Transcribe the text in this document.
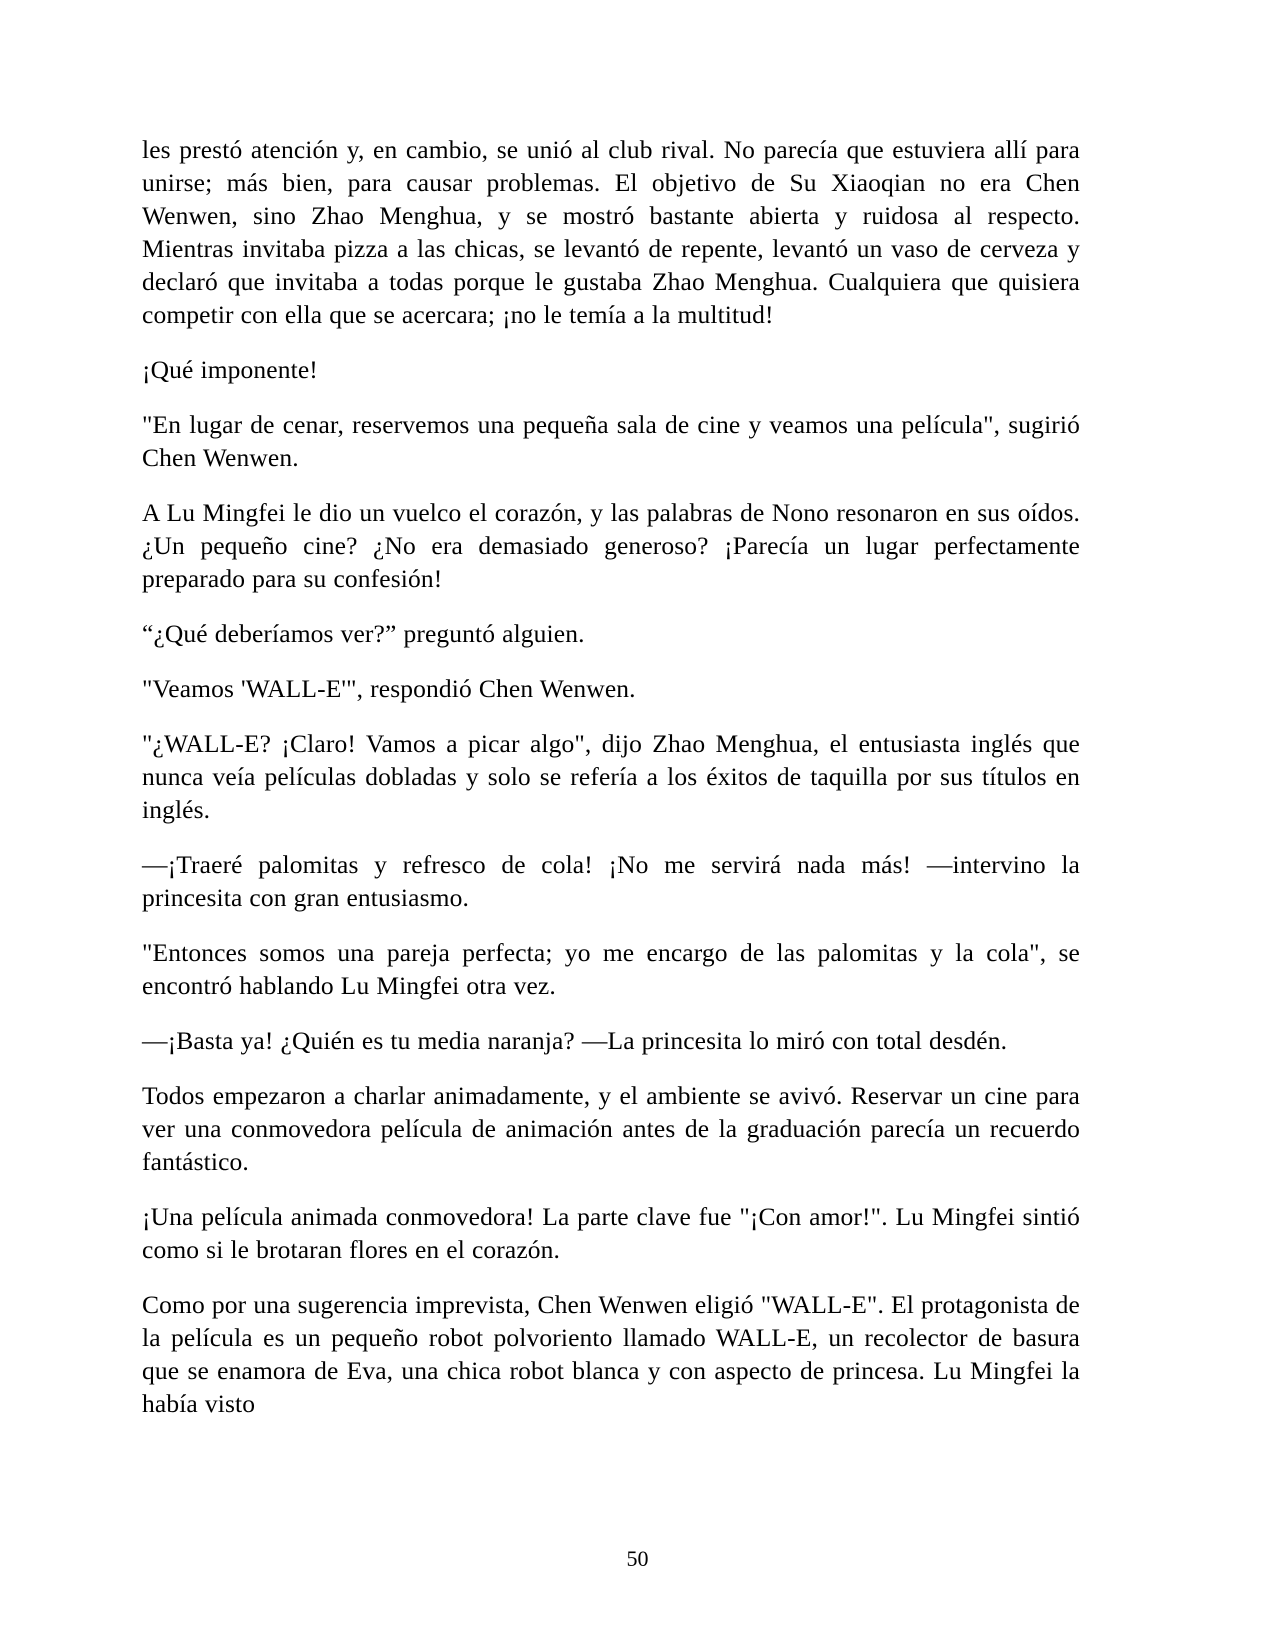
les prestó atención y, en cambio, se unió al club rival. No parecía que estuviera allí para unirse; más bien, para causar problemas. El objetivo de Su Xiaoqian no era Chen Wenwen, sino Zhao Menghua, y se mostró bastante abierta y ruidosa al respecto. Mientras invitaba pizza a las chicas, se levantó de repente, levantó un vaso de cerveza y declaró que invitaba a todas porque le gustaba Zhao Menghua. Cualquiera que quisiera competir con ella que se acercara; ¡no le temía a la multitud!

¡Qué imponente!

"En lugar de cenar, reservemos una pequeña sala de cine y veamos una película", sugirió Chen Wenwen.

A Lu Mingfei le dio un vuelco el corazón, y las palabras de Nono resonaron en sus oídos. ¿Un pequeño cine? ¿No era demasiado generoso? ¡Parecía un lugar perfectamente preparado para su confesión!

“¿Qué deberíamos ver?” preguntó alguien.

"Veamos 'WALL-E'", respondió Chen Wenwen.

"¿WALL-E? ¡Claro! Vamos a picar algo", dijo Zhao Menghua, el entusiasta inglés que nunca veía películas dobladas y solo se refería a los éxitos de taquilla por sus títulos en inglés.

—¡Traeré palomitas y refresco de cola! ¡No me servirá nada más! —intervino la princesita con gran entusiasmo.

"Entonces somos una pareja perfecta; yo me encargo de las palomitas y la cola", se encontró hablando Lu Mingfei otra vez.

—¡Basta ya! ¿Quién es tu media naranja? —La princesita lo miró con total desdén.

Todos empezaron a charlar animadamente, y el ambiente se avivó. Reservar un cine para ver una conmovedora película de animación antes de la graduación parecía un recuerdo fantástico.

¡Una película animada conmovedora! La parte clave fue "¡Con amor!". Lu Mingfei sintió como si le brotaran flores en el corazón.

Como por una sugerencia imprevista, Chen Wenwen eligió "WALL-E". El protagonista de la película es un pequeño robot polvoriento llamado WALL-E, un recolector de basura que se enamora de Eva, una chica robot blanca y con aspecto de princesa. Lu Mingfei la había visto

50
